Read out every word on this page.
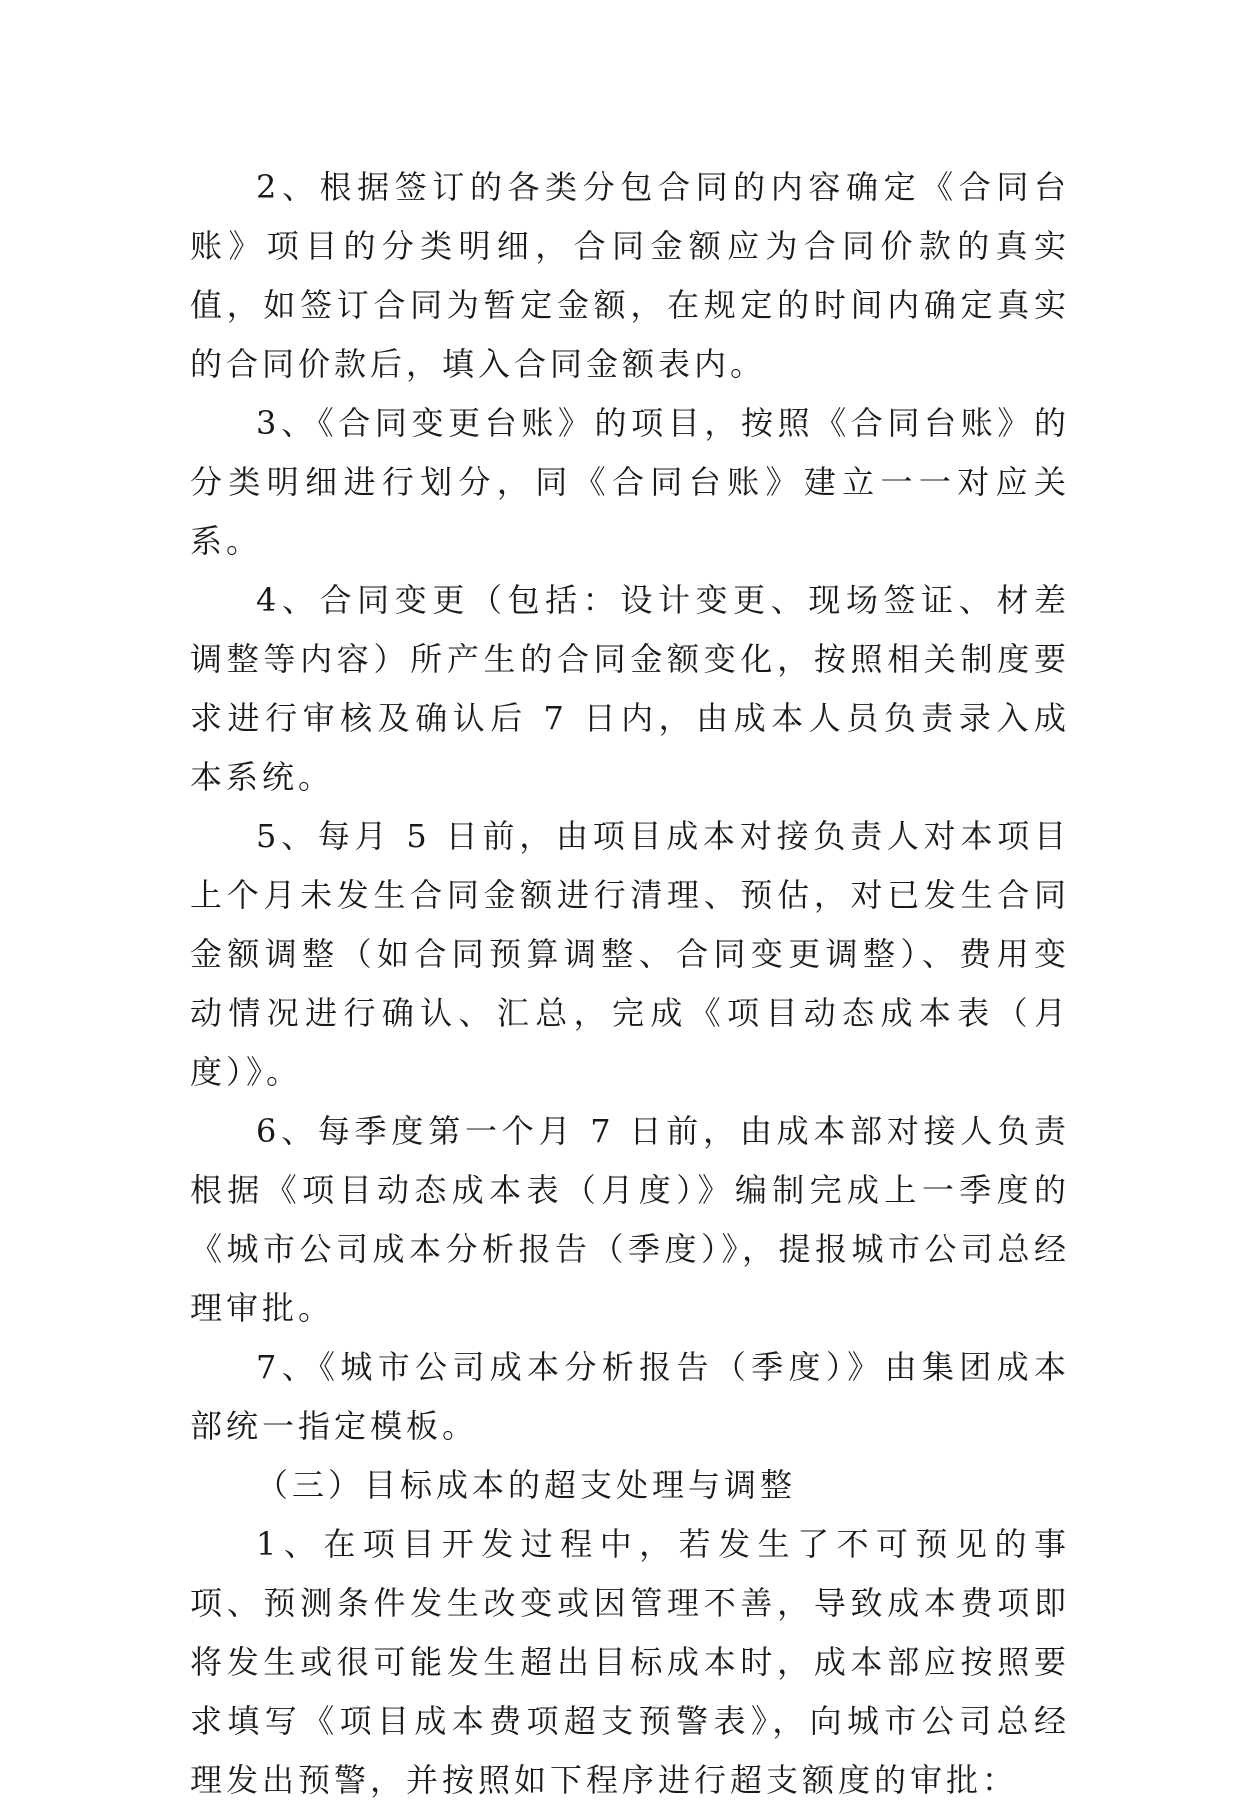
2、根据签订的各类分包合同的内容确定《合同台账》项目的分类明细，合同金额应为合同价款的真实值，如签订合同为暂定金额，在规定的时间内确定真实的合同价款后，填入合同金额表内。

3、《合同变更台账》的项目，按照《合同台账》的分类明细进行划分，同《合同台账》建立一一对应关系。

4、合同变更（包括：设计变更、现场签证、材差调整等内容）所产生的合同金额变化，按照相关制度要求进行审核及确认后 7 日内，由成本人员负责录入成本系统。

5、每月 5 日前，由项目成本对接负责人对本项目上个月未发生合同金额进行清理、预估，对已发生合同金额调整（如合同预算调整、合同变更调整）、费用变动情况进行确认、汇总，完成《项目动态成本表（月度）》。

6、每季度第一个月 7 日前，由成本部对接人负责根据《项目动态成本表（月度）》编制完成上一季度的《城市公司成本分析报告（季度）》，提报城市公司总经理审批。

7、《城市公司成本分析报告（季度）》由集团成本部统一指定模板。

（三）目标成本的超支处理与调整

1、在项目开发过程中，若发生了不可预见的事项、预测条件发生改变或因管理不善，导致成本费项即将发生或很可能发生超出目标成本时，成本部应按照要求填写《项目成本费项超支预警表》，向城市公司总经理发出预警，并按照如下程序进行超支额度的审批：
